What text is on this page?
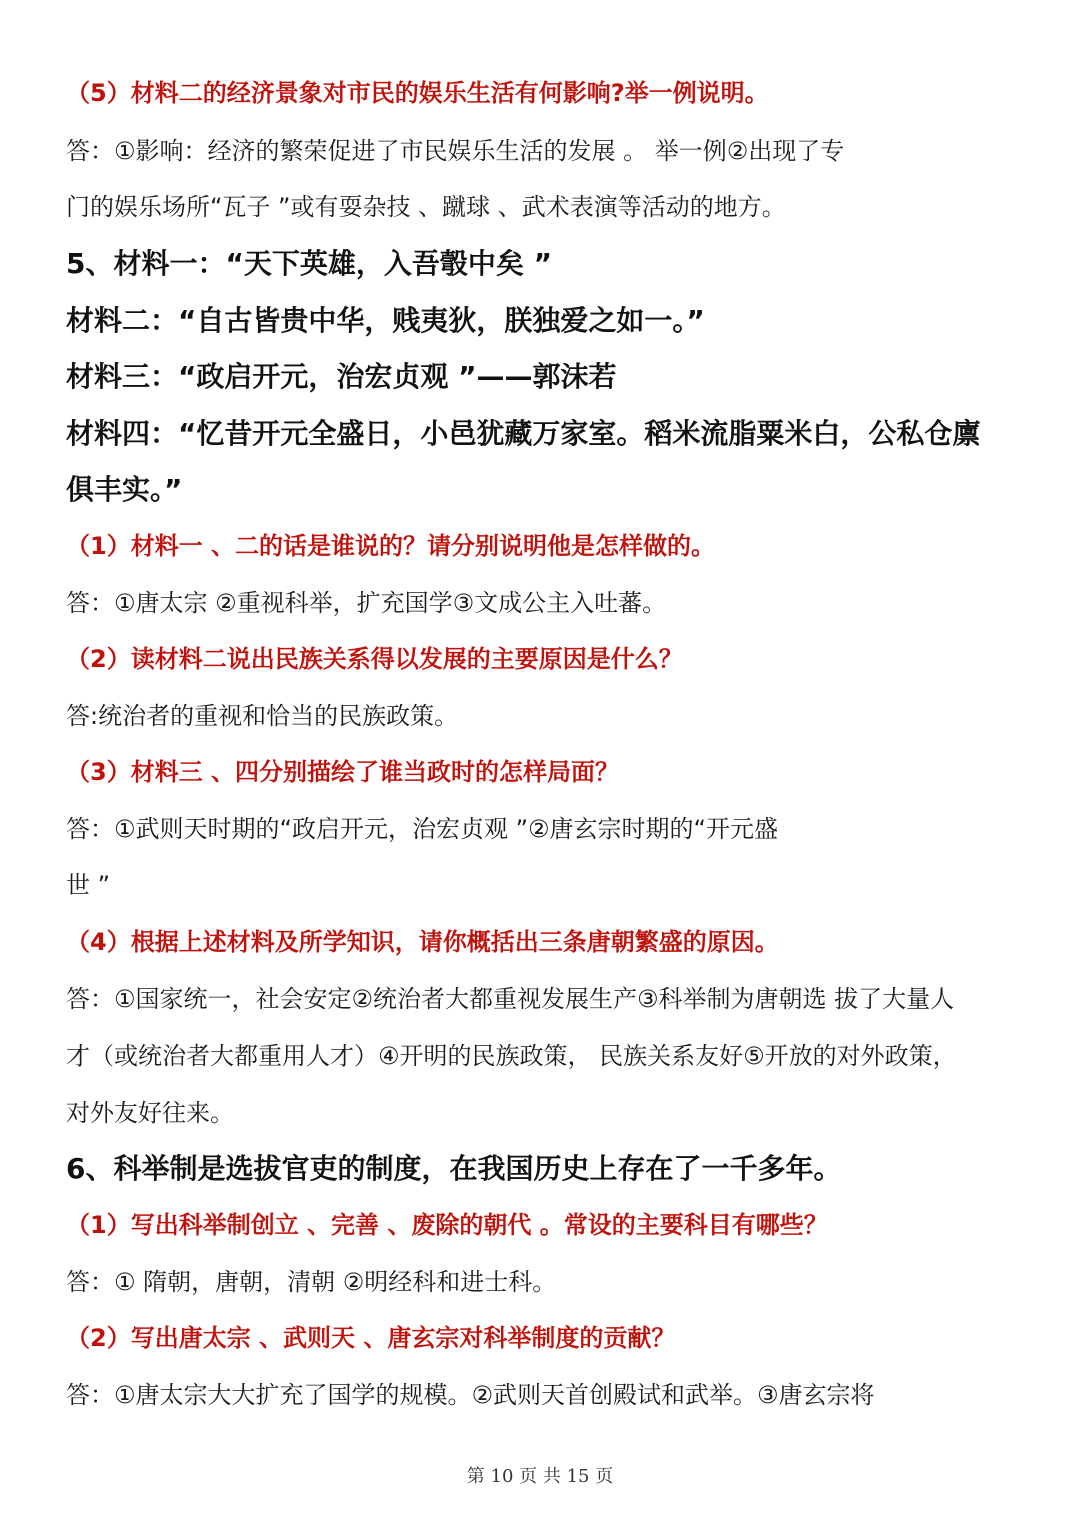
（5）材料二的经济景象对市民的娱乐生活有何影响?举一例说明。
答：①影响：经济的繁荣促进了市民娱乐生活的发展 。 举一例②出现了专
门的娱乐场所“瓦子 ”或有耍杂技 、蹴球 、武术表演等活动的地方。
5、材料一：“天下英雄，入吾彀中矣 ”
材料二：“自古皆贵中华，贱夷狄，朕独爱之如一。”
材料三：“政启开元，治宏贞观 ”——郭沫若
材料四：“忆昔开元全盛日，小邑犹藏万家室。稻米流脂粟米白，公私仓廪
俱丰实。”
（1）材料一 、二的话是谁说的？请分别说明他是怎样做的。
答：①唐太宗 ②重视科举，扩充国学③文成公主入吐蕃。
（2）读材料二说出民族关系得以发展的主要原因是什么？
答:统治者的重视和恰当的民族政策。
（3）材料三 、四分别描绘了谁当政时的怎样局面？
答：①武则天时期的“政启开元，治宏贞观 ”②唐玄宗时期的“开元盛
世 ”
（4）根据上述材料及所学知识，请你概括出三条唐朝繁盛的原因。
答：①国家统一，社会安定②统治者大都重视发展生产③科举制为唐朝选 拔了大量人
才（或统治者大都重用人才）④开明的民族政策， 民族关系友好⑤开放的对外政策，
对外友好往来。
6、科举制是选拔官吏的制度，在我国历史上存在了一千多年。
（1）写出科举制创立 、完善 、废除的朝代 。常设的主要科目有哪些？
答：① 隋朝，唐朝，清朝 ②明经科和进士科。
（2）写出唐太宗 、武则天 、唐玄宗对科举制度的贡献？
答：①唐太宗大大扩充了国学的规模。②武则天首创殿试和武举。③唐玄宗将
第 10 页 共 15 页
